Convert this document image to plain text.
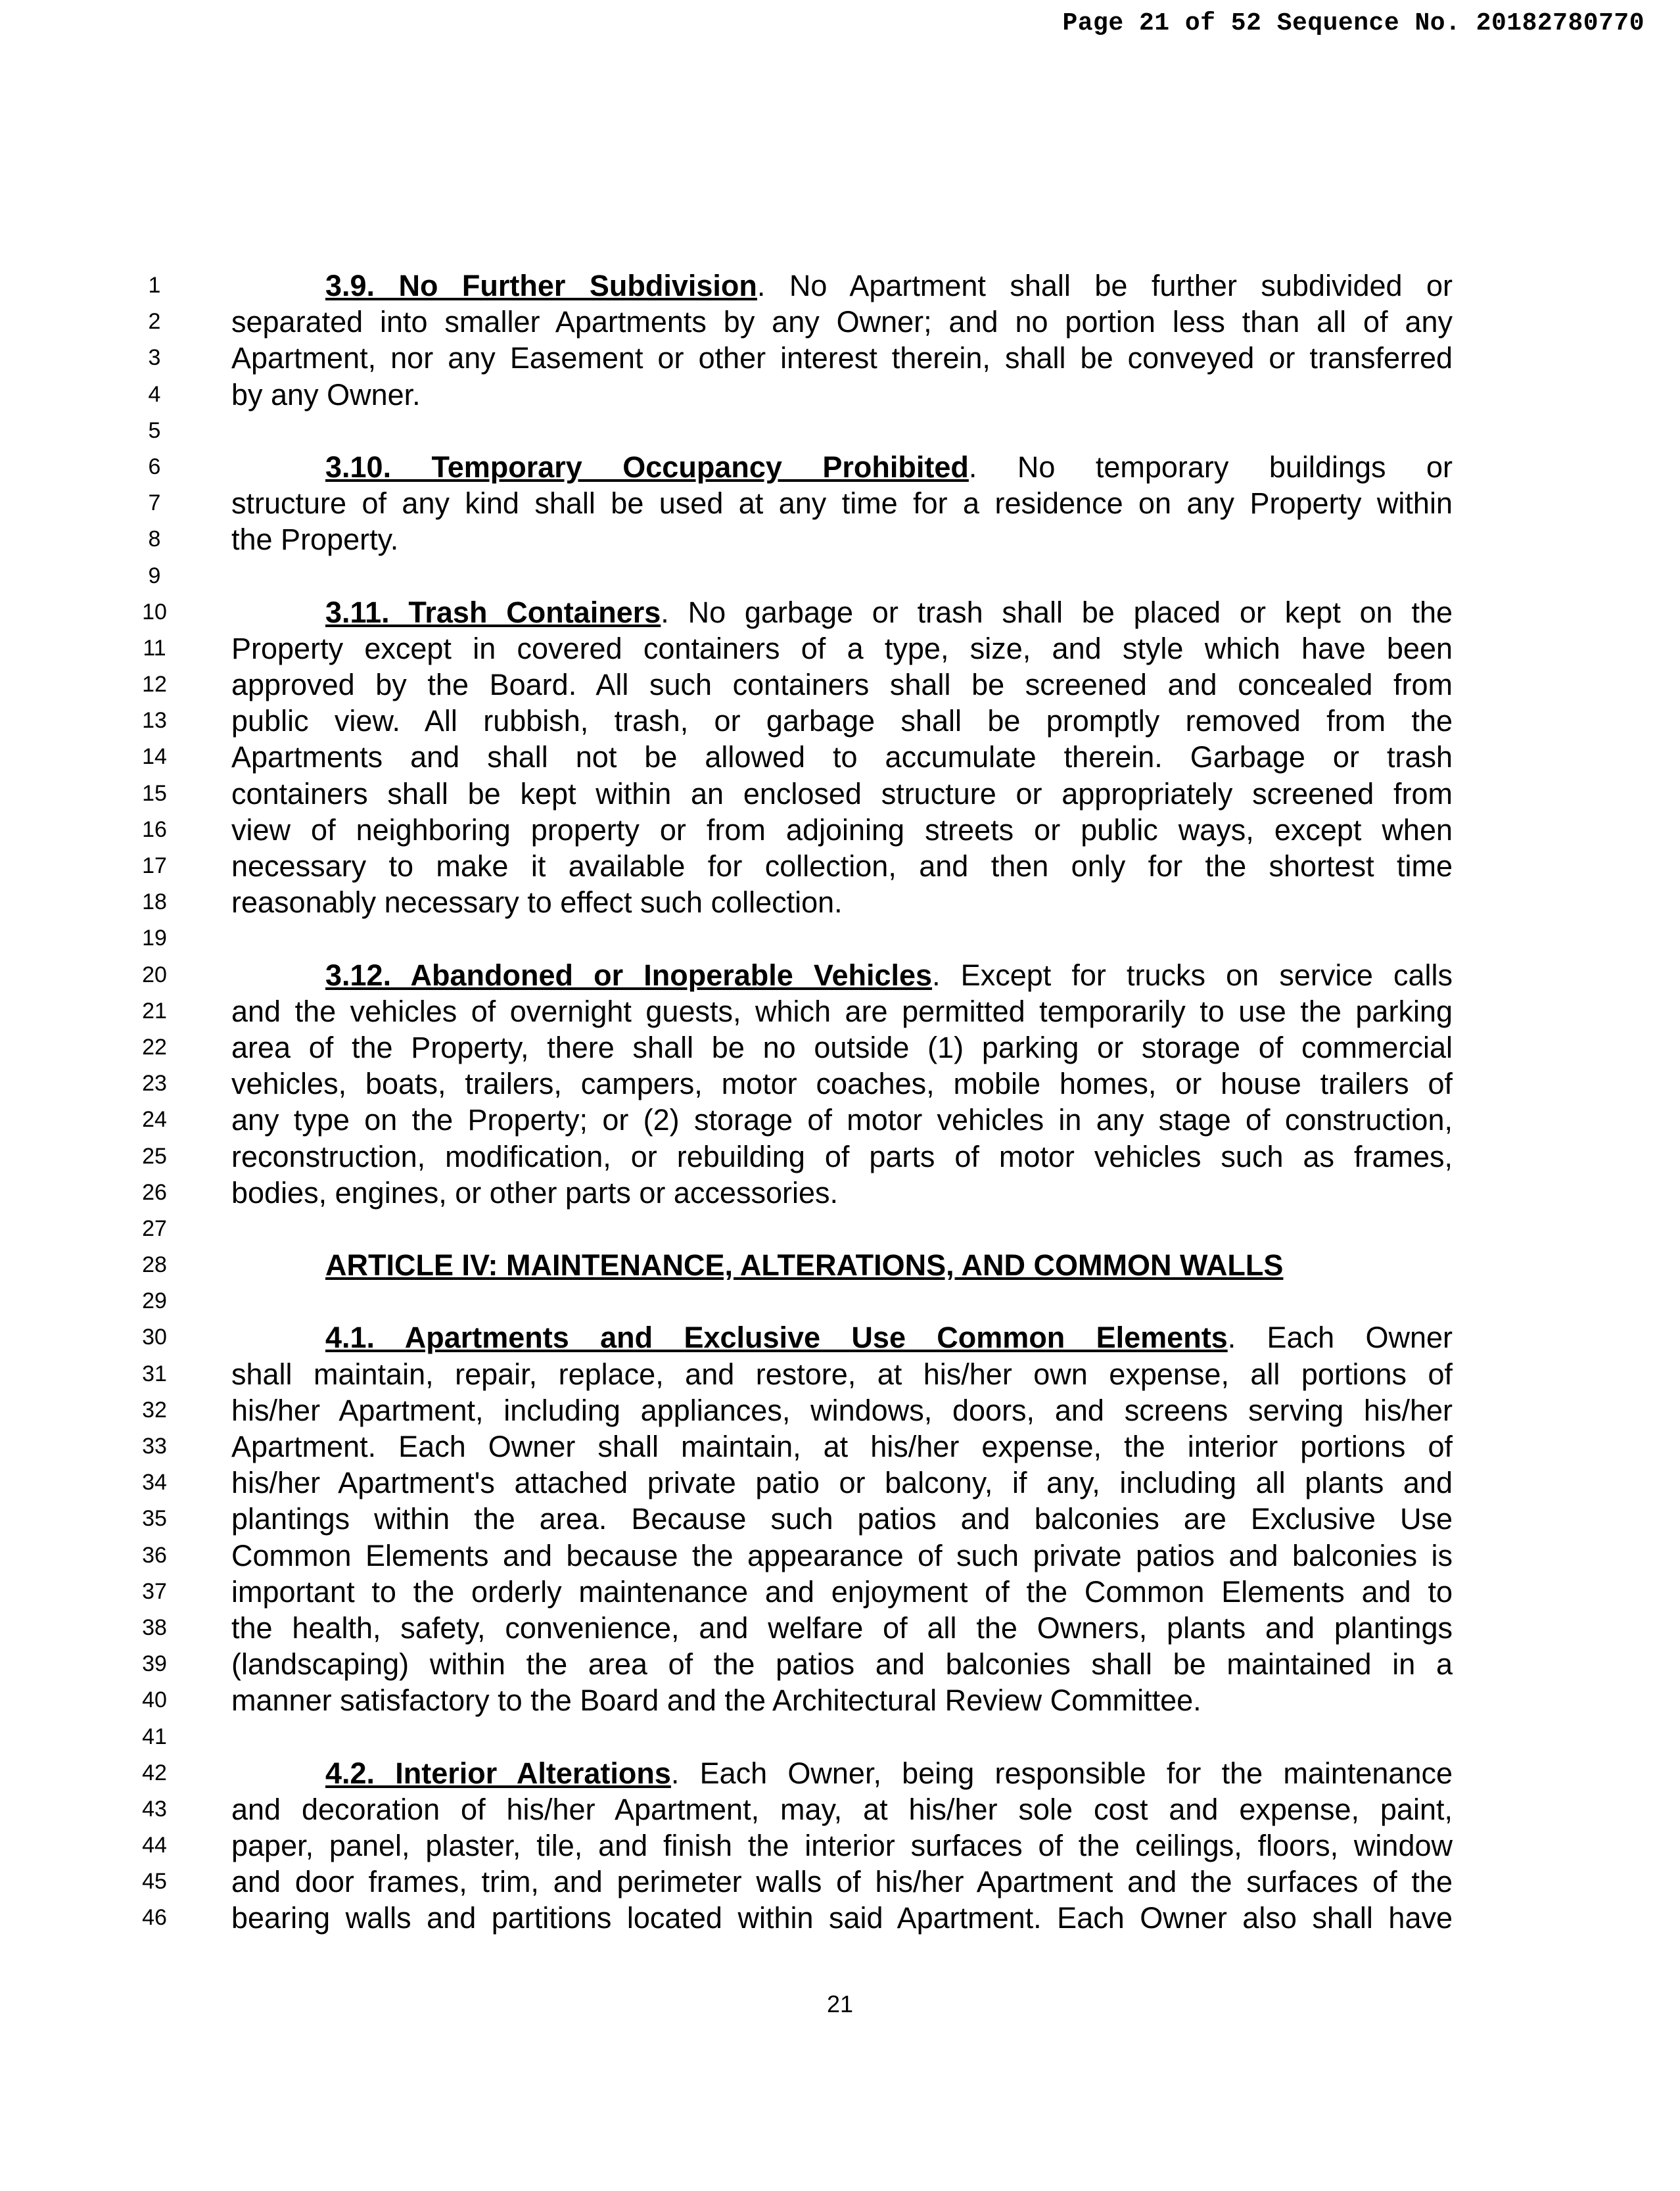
Page 21 of 52 Sequence No. 20182780770
1	3.9. No Further Subdivision. No Apartment shall be further subdivided or
2	separated into smaller Apartments by any Owner; and no portion less than all of any
3	Apartment, nor any Easement or other interest therein, shall be conveyed or transferred
4	by any Owner.
5
6	3.10. Temporary Occupancy Prohibited. No temporary buildings or
7	structure of any kind shall be used at any time for a residence on any Property within
8	the Property.
9
10	3.11. Trash Containers. No garbage or trash shall be placed or kept on the
11	Property except in covered containers of a type, size, and style which have been
12	approved by the Board. All such containers shall be screened and concealed from
13	public view. All rubbish, trash, or garbage shall be promptly removed from the
14	Apartments and shall not be allowed to accumulate therein. Garbage or trash
15	containers shall be kept within an enclosed structure or appropriately screened from
16	view of neighboring property or from adjoining streets or public ways, except when
17	necessary to make it available for collection, and then only for the shortest time
18	reasonably necessary to effect such collection.
19
20	3.12. Abandoned or Inoperable Vehicles. Except for trucks on service calls
21	and the vehicles of overnight guests, which are permitted temporarily to use the parking
22	area of the Property, there shall be no outside (1) parking or storage of commercial
23	vehicles, boats, trailers, campers, motor coaches, mobile homes, or house trailers of
24	any type on the Property; or (2) storage of motor vehicles in any stage of construction,
25	reconstruction, modification, or rebuilding of parts of motor vehicles such as frames,
26	bodies, engines, or other parts or accessories.
27
28	ARTICLE IV: MAINTENANCE, ALTERATIONS, AND COMMON WALLS
29
30	4.1. Apartments and Exclusive Use Common Elements. Each Owner
31	shall maintain, repair, replace, and restore, at his/her own expense, all portions of
32	his/her Apartment, including appliances, windows, doors, and screens serving his/her
33	Apartment. Each Owner shall maintain, at his/her expense, the interior portions of
34	his/her Apartment's attached private patio or balcony, if any, including all plants and
35	plantings within the area. Because such patios and balconies are Exclusive Use
36	Common Elements and because the appearance of such private patios and balconies is
37	important to the orderly maintenance and enjoyment of the Common Elements and to
38	the health, safety, convenience, and welfare of all the Owners, plants and plantings
39	(landscaping) within the area of the patios and balconies shall be maintained in a
40	manner satisfactory to the Board and the Architectural Review Committee.
41
42	4.2. Interior Alterations. Each Owner, being responsible for the maintenance
43	and decoration of his/her Apartment, may, at his/her sole cost and expense, paint,
44	paper, panel, plaster, tile, and finish the interior surfaces of the ceilings, floors, window
45	and door frames, trim, and perimeter walls of his/her Apartment and the surfaces of the
46	bearing walls and partitions located within said Apartment. Each Owner also shall have
21
